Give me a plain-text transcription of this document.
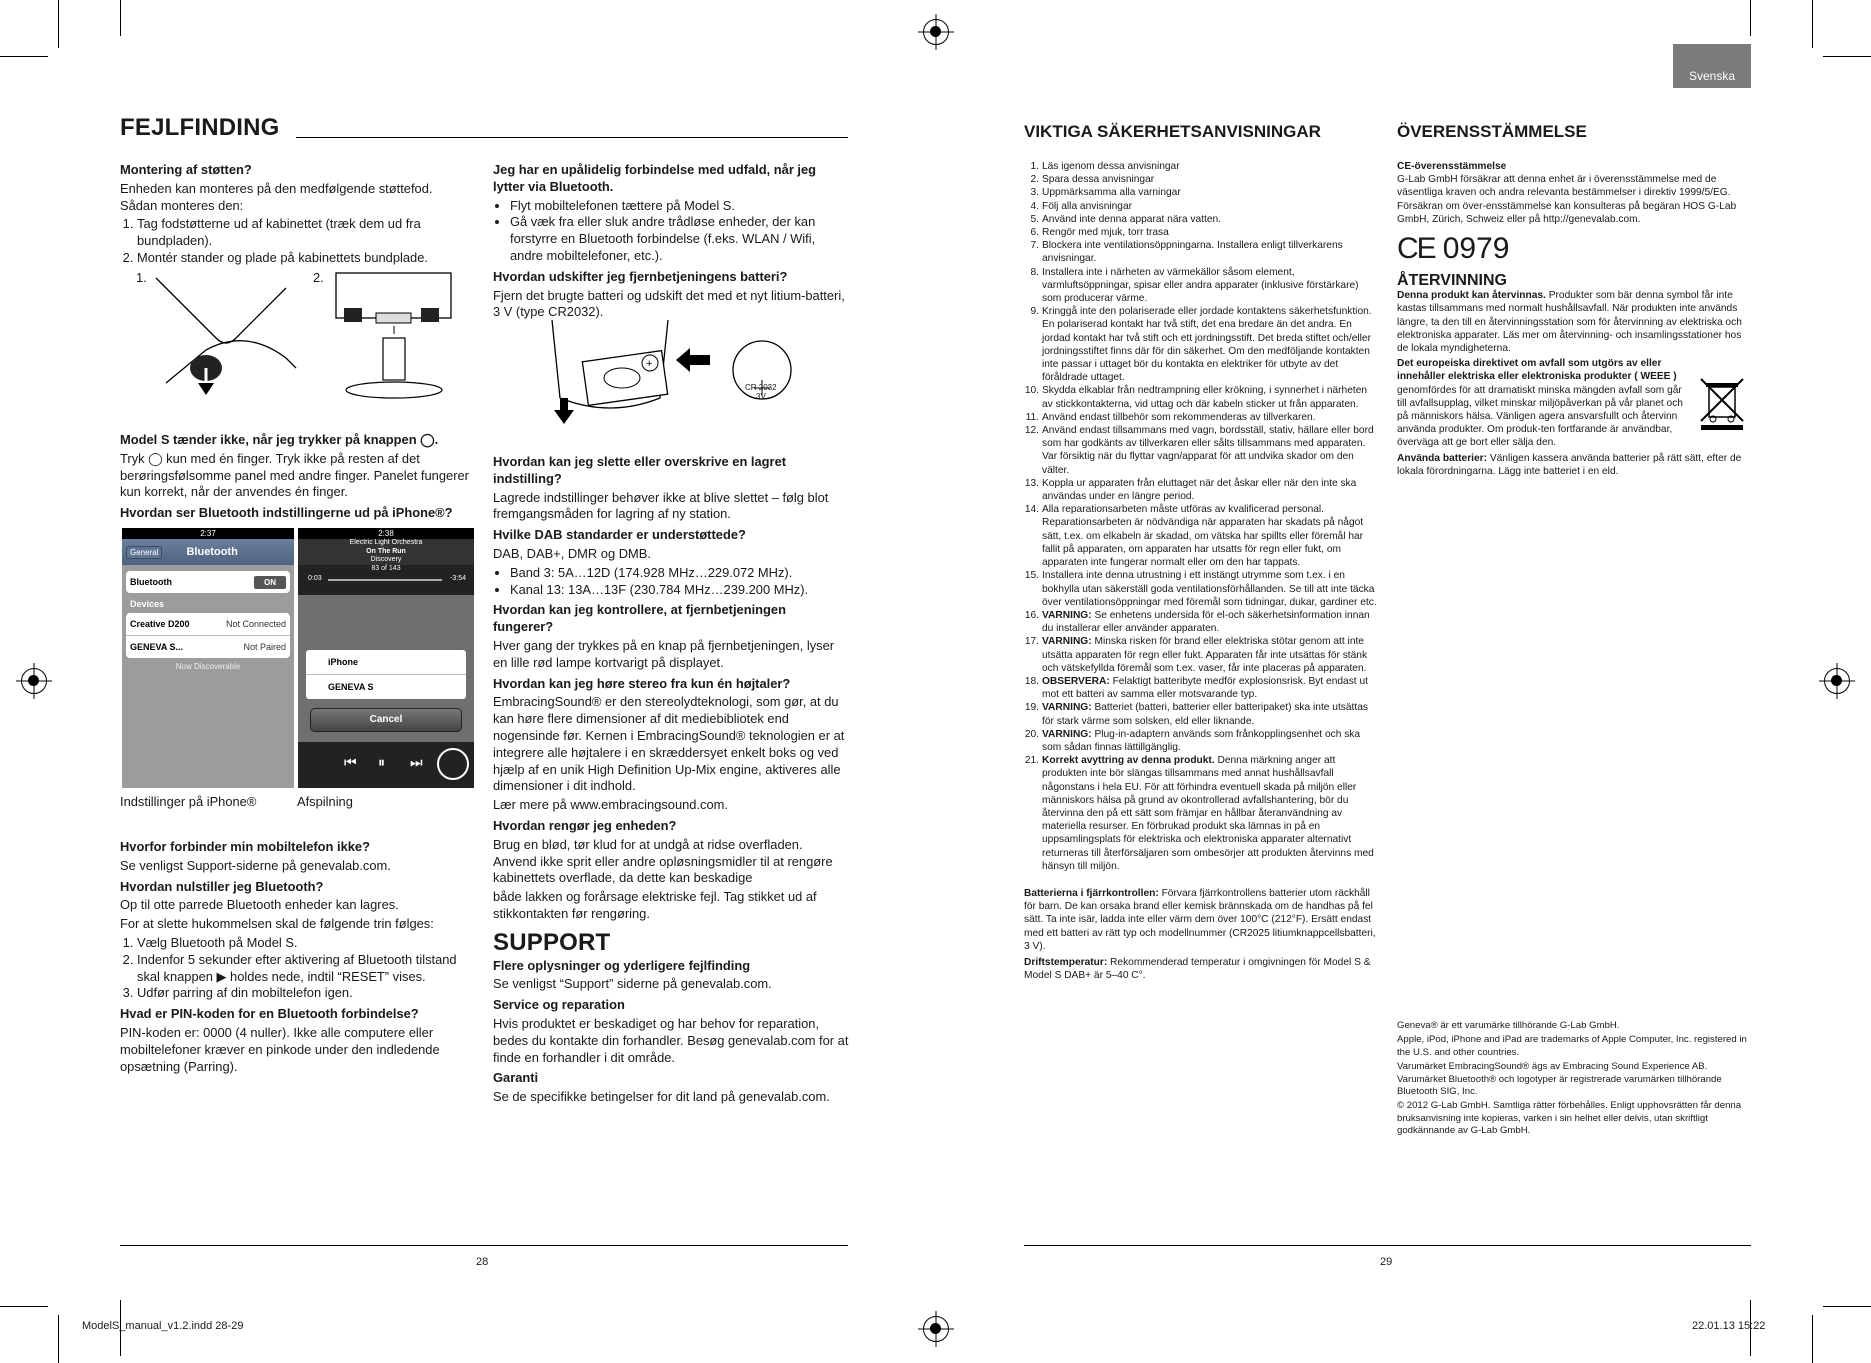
Svenska
FEJLFINDING

Montering af støtten?

Enheden kan monteres på den medfølgende støttefod. Sådan monteres den:

1. Tag fodstøtterne ud af kabinettet (træk dem ud fra bundpladen).
2. Montér stander og plade på kabinettets bundplade.
1.	2.

Model S tænder ikke, når jeg trykker på knappen ◯.

Tryk ◯ kun med én finger. Tryk ikke på resten af det berøringsfølsomme panel med andre finger. Panelet fungerer kun korrekt, når der anvendes én finger.

Hvordan ser Bluetooth indstillingerne ud på iPhone®?

2:37
General	Bluetooth
Bluetooth	ON
Devices
Creative D200	Not Connected
GENEVA S...	Not Paired
Now Discoverable
2:38
Electric Light Orchestra
On The Run
Discovery
83 of 143
0:03	-3:54
iPhone
GENEVA S
Cancel
⏮ ⏸ ⏭
Indstillinger på iPhone®	Afspilning

Hvorfor forbinder min mobiltelefon ikke?

Se venligst Support-siderne på genevalab.com.

Hvordan nulstiller jeg Bluetooth?

Op til otte parrede Bluetooth enheder kan lagres.

For at slette hukommelsen skal de følgende trin følges:

1. Vælg Bluetooth på Model S.
2. Indenfor 5 sekunder efter aktivering af Bluetooth tilstand skal knappen ▶ holdes nede, indtil “RESET” vises.
3. Udfør parring af din mobiltelefon igen.

Hvad er PIN-koden for en Bluetooth forbindelse?

PIN-koden er: 0000 (4 nuller). Ikke alle computere eller mobiltelefoner kræver en pinkode under den indledende opsætning (Parring).

Jeg har en upålidelig forbindelse med udfald, når jeg lytter via Bluetooth.

• Flyt mobiltelefonen tættere på Model S.
• Gå væk fra eller sluk andre trådløse enheder, der kan forstyrre en Bluetooth forbindelse (f.eks. WLAN / Wifi, andre mobiltelefoner, etc.).

Hvordan udskifter jeg fjernbetjeningens batteri?

Fjern det brugte batteri og udskift det med et nyt litium-batteri, 3 V (type CR2032).

+
CR 2032
3V

Hvordan kan jeg slette eller overskrive en lagret indstilling?

Lagrede indstillinger behøver ikke at blive slettet – følg blot fremgangsmåden for lagring af ny station.

Hvilke DAB standarder er understøttede?

DAB, DAB+, DMR og DMB.

• Band 3: 5A…12D (174.928 MHz…229.072 MHz).
• Kanal 13: 13A…13F (230.784 MHz…239.200 MHz).

Hvordan kan jeg kontrollere, at fjernbetjeningen fungerer?

Hver gang der trykkes på en knap på fjernbetjeningen, lyser en lille rød lampe kortvarigt på displayet.

Hvordan kan jeg høre stereo fra kun én højtaler?

EmbracingSound® er den stereolydteknologi, som gør, at du kan høre flere dimensioner af dit mediebibliotek end nogensinde før. Kernen i EmbracingSound® teknologien er at integrere alle højtalere i en skræddersyet enkelt boks og ved hjælp af en unik High Definition Up-Mix engine, aktiveres alle dimensioner i dit indhold.

Lær mere på www.embracingsound.com.

Hvordan rengør jeg enheden?

Brug en blød, tør klud for at undgå at ridse overfladen. Anvend ikke sprit eller andre opløsningsmidler til at rengøre kabinettets overflade, da dette kan beskadige

både lakken og forårsage elektriske fejl. Tag stikket ud af stikkontakten før rengøring.

SUPPORT

Flere oplysninger og yderligere fejlfinding

Se venligst “Support” siderne på genevalab.com.

Service og reparation

Hvis produktet er beskadiget og har behov for reparation, bedes du kontakte din forhandler. Besøg genevalab.com for at finde en forhandler i dit område.

Garanti

Se de specifikke betingelser for dit land på genevalab.com.

28
ModelS_manual_v1.2.indd 28-29
VIKTIGA SÄKERHETSANVISNINGAR
1. Läs igenom dessa anvisningar
2. Spara dessa anvisningar
3. Uppmärksamma alla varningar
4. Följ alla anvisningar
5. Använd inte denna apparat nära vatten.
6. Rengör med mjuk, torr trasa
7. Blockera inte ventilationsöppningarna. Installera enligt tillverkarens anvisningar.
8. Installera inte i närheten av värmekällor såsom element, varmluftsöppningar, spisar eller andra apparater (inklusive förstärkare) som producerar värme.
9. Kringgå inte den polariserade eller jordade kontaktens säkerhetsfunktion. En polariserad kontakt har två stift, det ena bredare än det andra. En jordad kontakt har två stift och ett jordningsstift. Det breda stiftet och/eller jordningsstiftet finns där för din säkerhet. Om den medföljande kontakten inte passar i uttaget bör du kontakta en elektriker för utbyte av det föråldrade uttaget.
10. Skydda elkablar från nedtrampning eller krökning, i synnerhet i närheten av stickkontakterna, vid uttag och där kabeln sticker ut från apparaten.
11. Använd endast tillbehör som rekommenderas av tillverkaren.
12. Använd endast tillsammans med vagn, bordsställ, stativ, hällare eller bord som har godkänts av tillverkaren eller sålts tillsammans med apparaten. Var försiktig när du flyttar vagn/apparat för att undvika skador om den välter.
13. Koppla ur apparaten från eluttaget när det åskar eller när den inte ska användas under en längre period.
14. Alla reparationsarbeten måste utföras av kvalificerad personal. Reparationsarbeten är nödvändiga när apparaten har skadats på något sätt, t.ex. om elkabeln är skadad, om vätska har spillts eller föremål har fallit på apparaten, om apparaten har utsatts för regn eller fukt, om apparaten inte fungerar normalt eller om den har tappats.
15. Installera inte denna utrustning i ett instängt utrymme som t.ex. i en bokhylla utan säkerställ goda ventilationsförhållanden. Se till att inte täcka över ventilationsöppningar med föremål som tidningar, dukar, gardiner etc.
16. VARNING: Se enhetens undersida för el-och säkerhetsinformation innan du installerar eller använder apparaten.
17. VARNING: Minska risken för brand eller elektriska stötar genom att inte utsätta apparaten för regn eller fukt. Apparaten får inte utsättas för stänk och vätskefyllda föremål som t.ex. vaser, får inte placeras på apparaten.
18. OBSERVERA: Felaktigt batteribyte medför explosionsrisk. Byt endast ut mot ett batteri av samma eller motsvarande typ.
19. VARNING: Batteriet (batteri, batterier eller batteripaket) ska inte utsättas för stark värme som solsken, eld eller liknande.
20. VARNING: Plug-in-adaptern används som frånkopplingsenhet och ska som sådan finnas lättillgänglig.
21. Korrekt avyttring av denna produkt. Denna märkning anger att produkten inte bör slängas tillsammans med annat hushållsavfall någonstans i hela EU. För att förhindra eventuell skada på miljön eller människors hälsa på grund av okontrollerad avfallshantering, bör du återvinna den på ett sätt som främjar en hållbar återanvändning av materiella resurser. En förbrukad produkt ska lämnas in på en uppsamlingsplats för elektriska och elektroniska apparater alternativt returneras till återförsäljaren som ombesörjer att produkten återvinns med hänsyn till miljön.

Batterierna i fjärrkontrollen: Förvara fjärrkontrollens batterier utom räckhåll för barn. De kan orsaka brand eller kemisk brännskada om de handhas på fel sätt. Ta inte isär, ladda inte eller värm dem över 100°C (212°F). Ersätt endast med ett batteri av rätt typ och modellnummer (CR2025 litiumknappcellsbatteri, 3 V).

Driftstemperatur: Rekommenderad temperatur i omgivningen för Model S & Model S DAB+ är 5–40 C°.

ÖVERENSSTÄMMELSE

CE-överensstämmelse

G-Lab GmbH försäkrar att denna enhet är i överensstämmelse med de väsentliga kraven och andra relevanta bestämmelser i direktiv 1999/5/EG. Försäkran om över-ensstämmelse kan konsulteras på begäran HOS G-Lab GmbH, Zürich, Schweiz eller på http://genevalab.com.

CE 0979
ÅTERVINNING

Denna produkt kan återvinnas. Produkter som bär denna symbol får inte kastas tillsammans med normalt hushållsavfall. När produkten inte används längre, ta den till en återvinningsstation som för återvinning av elektriska och elektroniska apparater. Läs mer om återvinning- och insamlingsstationer hos de lokala myndigheterna.

Det europeiska direktivet om avfall som utgörs av eller innehåller elektriska eller elektroniska produkter ( WEEE ) genomfördes för att dramatiskt minska mängden avfall som går till avfallsupplag, vilket minskar miljöpåverkan på vår planet och på människors hälsa. Vänligen agera ansvarsfullt och återvinn använda produkter. Om produk-ten fortfarande är användbar, överväga att ge bort eller sälja den.

Använda batterier: Vänligen kassera använda batterier på rätt sätt, efter de lokala förordningarna. Lägg inte batteriet i en eld.

Geneva® är ett varumärke tillhörande G-Lab GmbH.

Apple, iPod, iPhone and iPad are trademarks of Apple Computer, Inc. registered in the U.S. and other countries.

Varumärket EmbracingSound® ägs av Embracing Sound Experience AB. Varumärket Bluetooth® och logotyper är registrerade varumärken tillhörande Bluetooth SIG, Inc.

© 2012 G-Lab GmbH. Samtliga rätter förbehålles. Enligt upphovsrätten får denna bruksanvisning inte kopieras, varken i sin helhet eller delvis, utan skriftligt godkännande av G-Lab GmbH.

29
22.01.13 15:22
